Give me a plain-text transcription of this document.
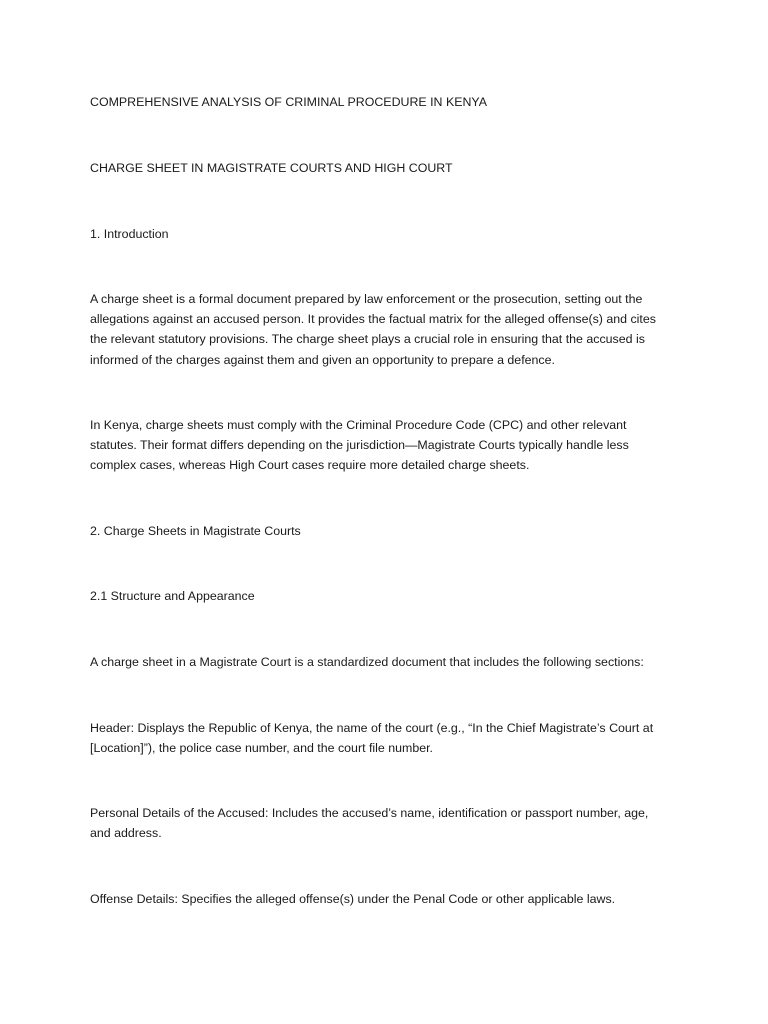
COMPREHENSIVE ANALYSIS OF CRIMINAL PROCEDURE IN KENYA

CHARGE SHEET IN MAGISTRATE COURTS AND HIGH COURT

1. Introduction

A charge sheet is a formal document prepared by law enforcement or the prosecution, setting out the allegations against an accused person. It provides the factual matrix for the alleged offense(s) and cites the relevant statutory provisions. The charge sheet plays a crucial role in ensuring that the accused is informed of the charges against them and given an opportunity to prepare a defence.

In Kenya, charge sheets must comply with the Criminal Procedure Code (CPC) and other relevant statutes. Their format differs depending on the jurisdiction—Magistrate Courts typically handle less complex cases, whereas High Court cases require more detailed charge sheets.

2. Charge Sheets in Magistrate Courts

2.1 Structure and Appearance

A charge sheet in a Magistrate Court is a standardized document that includes the following sections:

Header: Displays the Republic of Kenya, the name of the court (e.g., “In the Chief Magistrate’s Court at [Location]”), the police case number, and the court file number.

Personal Details of the Accused: Includes the accused’s name, identification or passport number, age, and address.

Offense Details: Specifies the alleged offense(s) under the Penal Code or other applicable laws.
